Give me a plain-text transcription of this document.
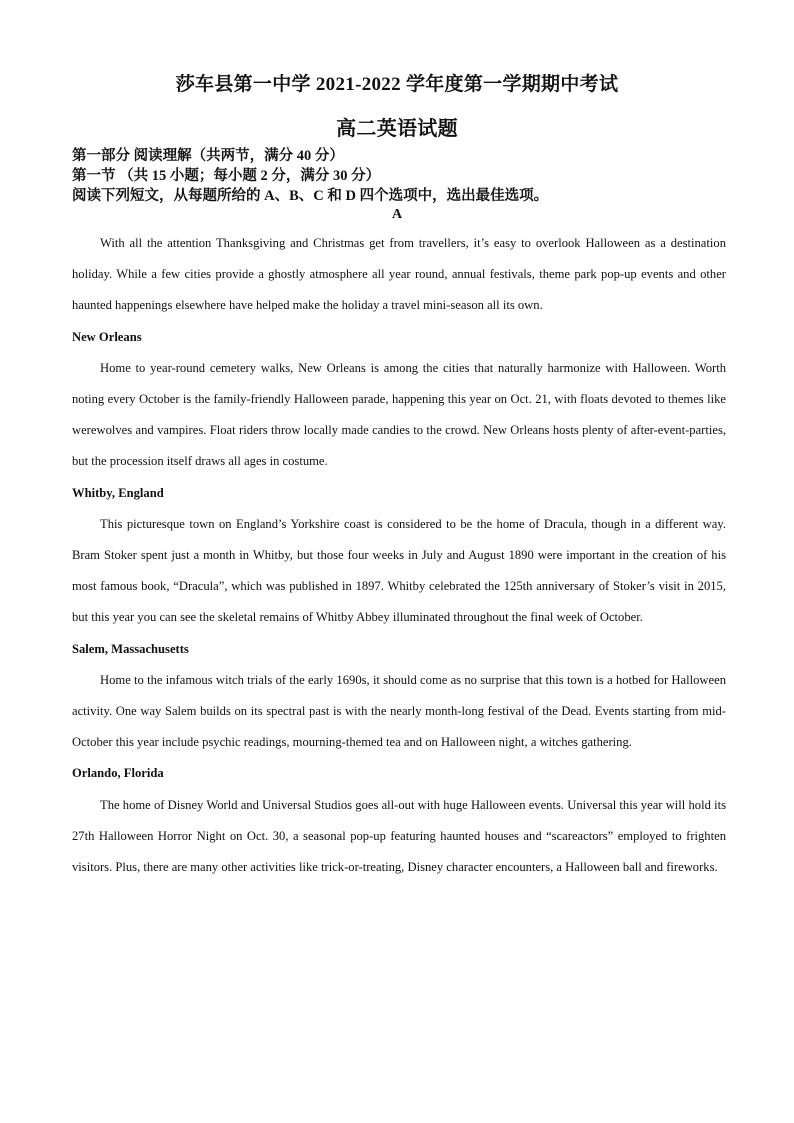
莎车县第一中学 2021-2022 学年度第一学期期中考试
高二英语试题
第一部分 阅读理解（共两节，满分 40 分）
第一节 （共 15 小题；每小题 2 分，满分 30 分）
阅读下列短文，从每题所给的 A、B、C 和 D 四个选项中，选出最佳选项。
A

With all the attention Thanksgiving and Christmas get from travellers, it’s easy to overlook Halloween as a destination holiday. While a few cities provide a ghostly atmosphere all year round, annual festivals, theme park pop-up events and other haunted happenings elsewhere have helped make the holiday a travel mini-season all its own.

New Orleans

Home to year-round cemetery walks, New Orleans is among the cities that naturally harmonize with Halloween. Worth noting every October is the family-friendly Halloween parade, happening this year on Oct. 21, with floats devoted to themes like werewolves and vampires. Float riders throw locally made candies to the crowd. New Orleans hosts plenty of after-event-parties, but the procession itself draws all ages in costume.

Whitby, England

This picturesque town on England’s Yorkshire coast is considered to be the home of Dracula, though in a different way. Bram Stoker spent just a month in Whitby, but those four weeks in July and August 1890 were important in the creation of his most famous book, “Dracula”, which was published in 1897. Whitby celebrated the 125th anniversary of Stoker’s visit in 2015, but this year you can see the skeletal remains of Whitby Abbey illuminated throughout the final week of October.

Salem, Massachusetts

Home to the infamous witch trials of the early 1690s, it should come as no surprise that this town is a hotbed for Halloween activity. One way Salem builds on its spectral past is with the nearly month-long festival of the Dead. Events starting from mid-October this year include psychic readings, mourning-themed tea and on Halloween night, a witches gathering.

Orlando, Florida

The home of Disney World and Universal Studios goes all-out with huge Halloween events. Universal this year will hold its 27th Halloween Horror Night on Oct. 30, a seasonal pop-up featuring haunted houses and “scareactors” employed to frighten visitors. Plus, there are many other activities like trick-or-treating, Disney character encounters, a Halloween ball and fireworks.
